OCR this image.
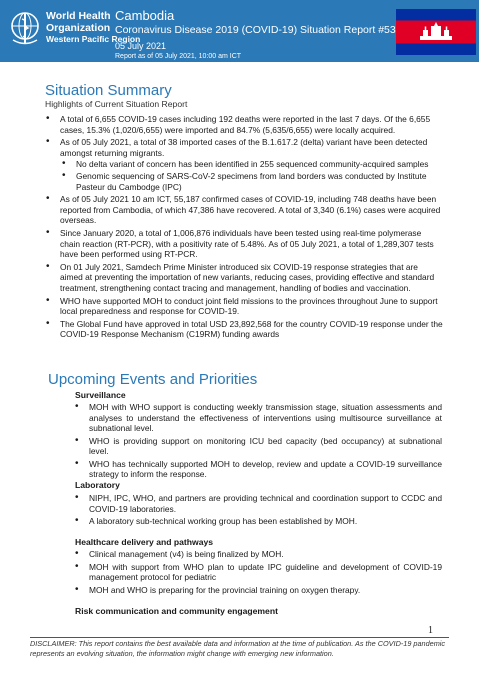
World Health
Organization
Western Pacific Region
Cambodia
Coronavirus Disease 2019 (COVID-19) Situation Report #53
05 July 2021
Report as of 05 July 2021, 10:00 am ICT
Situation Summary
Highlights of Current Situation Report
• A total of 6,655 COVID-19 cases including 192 deaths were reported in the last 7 days. Of the 6,655 cases, 15.3% (1,020/6,655) were imported and 84.7% (5,635/6,655) were locally acquired.
• As of 05 July 2021, a total of 38 imported cases of the B.1.617.2 (delta) variant have been detected amongst returning migrants.
• No delta variant of concern has been identified in 255 sequenced community-acquired samples
• Genomic sequencing of SARS-CoV-2 specimens from land borders was conducted by Institute Pasteur du Cambodge (IPC)
• As of 05 July 2021 10 am ICT, 55,187 confirmed cases of COVID-19, including 748 deaths have been reported from Cambodia, of which 47,386 have recovered. A total of 3,340 (6.1%) cases were acquired overseas.
• Since January 2020, a total of 1,006,876 individuals have been tested using real-time polymerase chain reaction (RT-PCR), with a positivity rate of 5.48%. As of 05 July 2021, a total of 1,289,307 tests have been performed using RT-PCR.
• On 01 July 2021, Samdech Prime Minister introduced six COVID-19 response strategies that are aimed at preventing the importation of new variants, reducing cases, providing effective and standard treatment, strengthening contact tracing and management, handling of bodies and vaccination.
• WHO have supported MOH to conduct joint field missions to the provinces throughout June to support local preparedness and response for COVID-19.
• The Global Fund have approved in total USD 23,892,568 for the country COVID-19 response under the COVID-19 Response Mechanism (C19RM) funding awards
Upcoming Events and Priorities
Surveillance
• MOH with WHO support is conducting weekly transmission stage, situation assessments and analyses to understand the effectiveness of interventions using multisource surveillance at subnational level.
• WHO is providing support on monitoring ICU bed capacity (bed occupancy) at subnational level.
• WHO has technically supported MOH to develop, review and update a COVID-19 surveillance strategy to inform the response.
Laboratory
• NIPH, IPC, WHO, and partners are providing technical and coordination support to CCDC and COVID-19 laboratories.
• A laboratory sub-technical working group has been established by MOH.
Healthcare delivery and pathways
• Clinical management (v4) is being finalized by MOH.
• MOH with support from WHO plan to update IPC guideline and development of COVID-19 management protocol for pediatric
• MOH and WHO is preparing for the provincial training on oxygen therapy.
Risk communication and community engagement
1
DISCLAIMER: This report contains the best available data and information at the time of publication. As the COVID-19 pandemic represents an evolving situation, the information might change with emerging new information.
